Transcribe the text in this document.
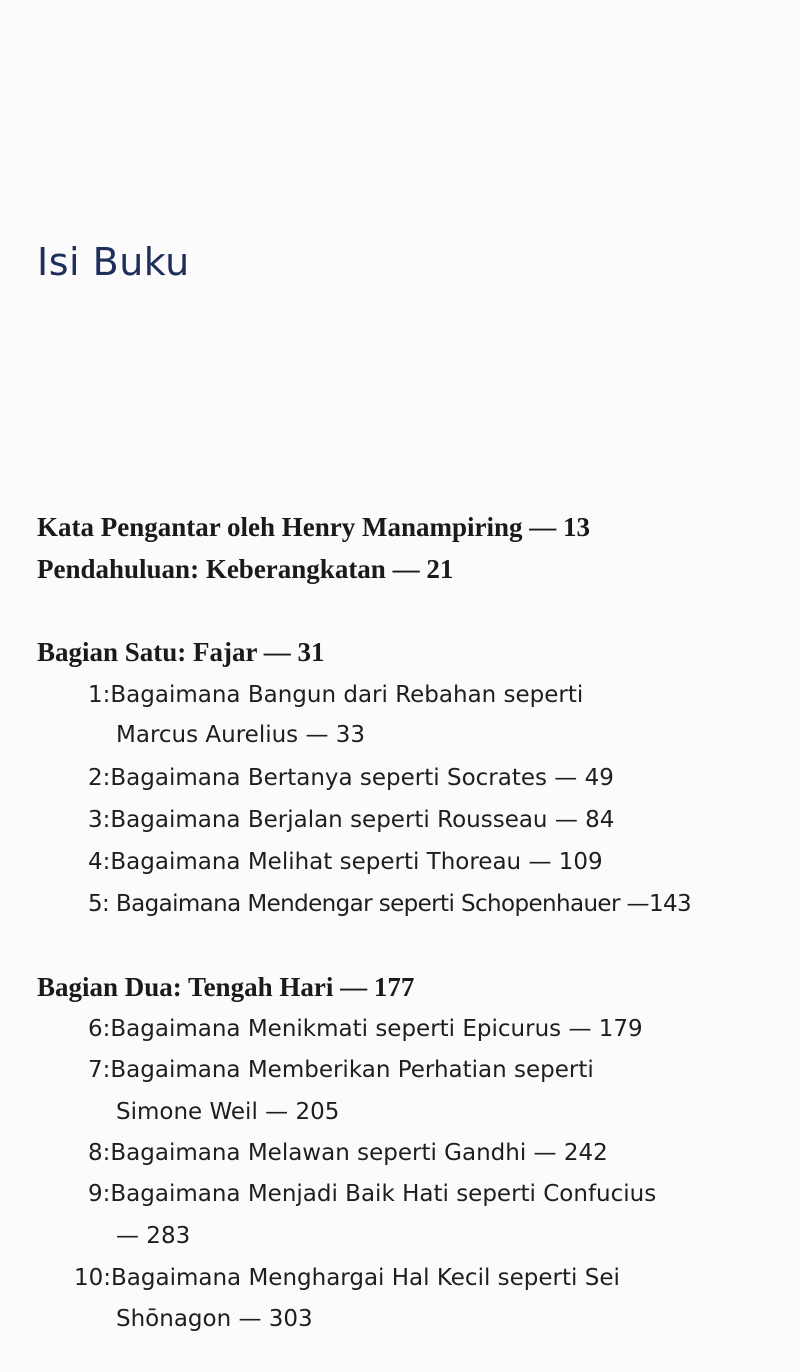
Isi Buku
Kata Pengantar oleh Henry Manampiring — 13
Pendahuluan: Keberangkatan — 21
Bagian Satu: Fajar — 31
1:Bagaimana Bangun dari Rebahan seperti
Marcus Aurelius — 33
2:Bagaimana Bertanya seperti Socrates — 49
3:Bagaimana Berjalan seperti Rousseau — 84
4:Bagaimana Melihat seperti Thoreau — 109
5: Bagaimana Mendengar seperti Schopenhauer —143
Bagian Dua: Tengah Hari — 177
6:Bagaimana Menikmati seperti Epicurus — 179
7:Bagaimana Memberikan Perhatian seperti
Simone Weil — 205
8:Bagaimana Melawan seperti Gandhi — 242
9:Bagaimana Menjadi Baik Hati seperti Confucius
— 283
10:Bagaimana Menghargai Hal Kecil seperti Sei
Shōnagon — 303
